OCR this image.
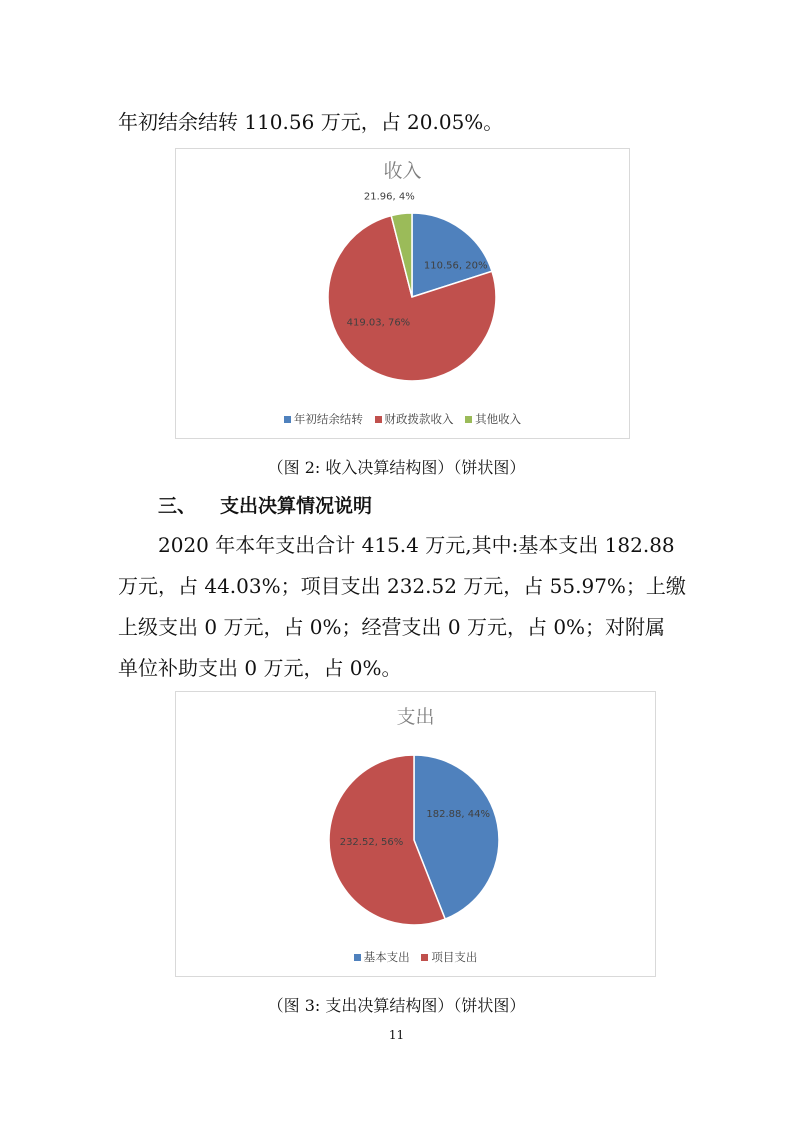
年初结余结转 110.56 万元，占 20.05%。
收入
110.56, 20%
419.03, 76%
21.96, 4%
年初结余结转 财政拨款收入 其他收入
（图 2: 收入决算结构图）（饼状图）
三、 支出决算情况说明
2020 年本年支出合计 415.4 万元,其中:基本支出 182.88
万元，占 44.03%；项目支出 232.52 万元，占 55.97%；上缴
上级支出 0 万元，占 0%；经营支出 0 万元，占 0%；对附属
单位补助支出 0 万元，占 0%。
支出
182.88, 44%
232.52, 56%
基本支出 项目支出
（图 3: 支出决算结构图）（饼状图）
11
